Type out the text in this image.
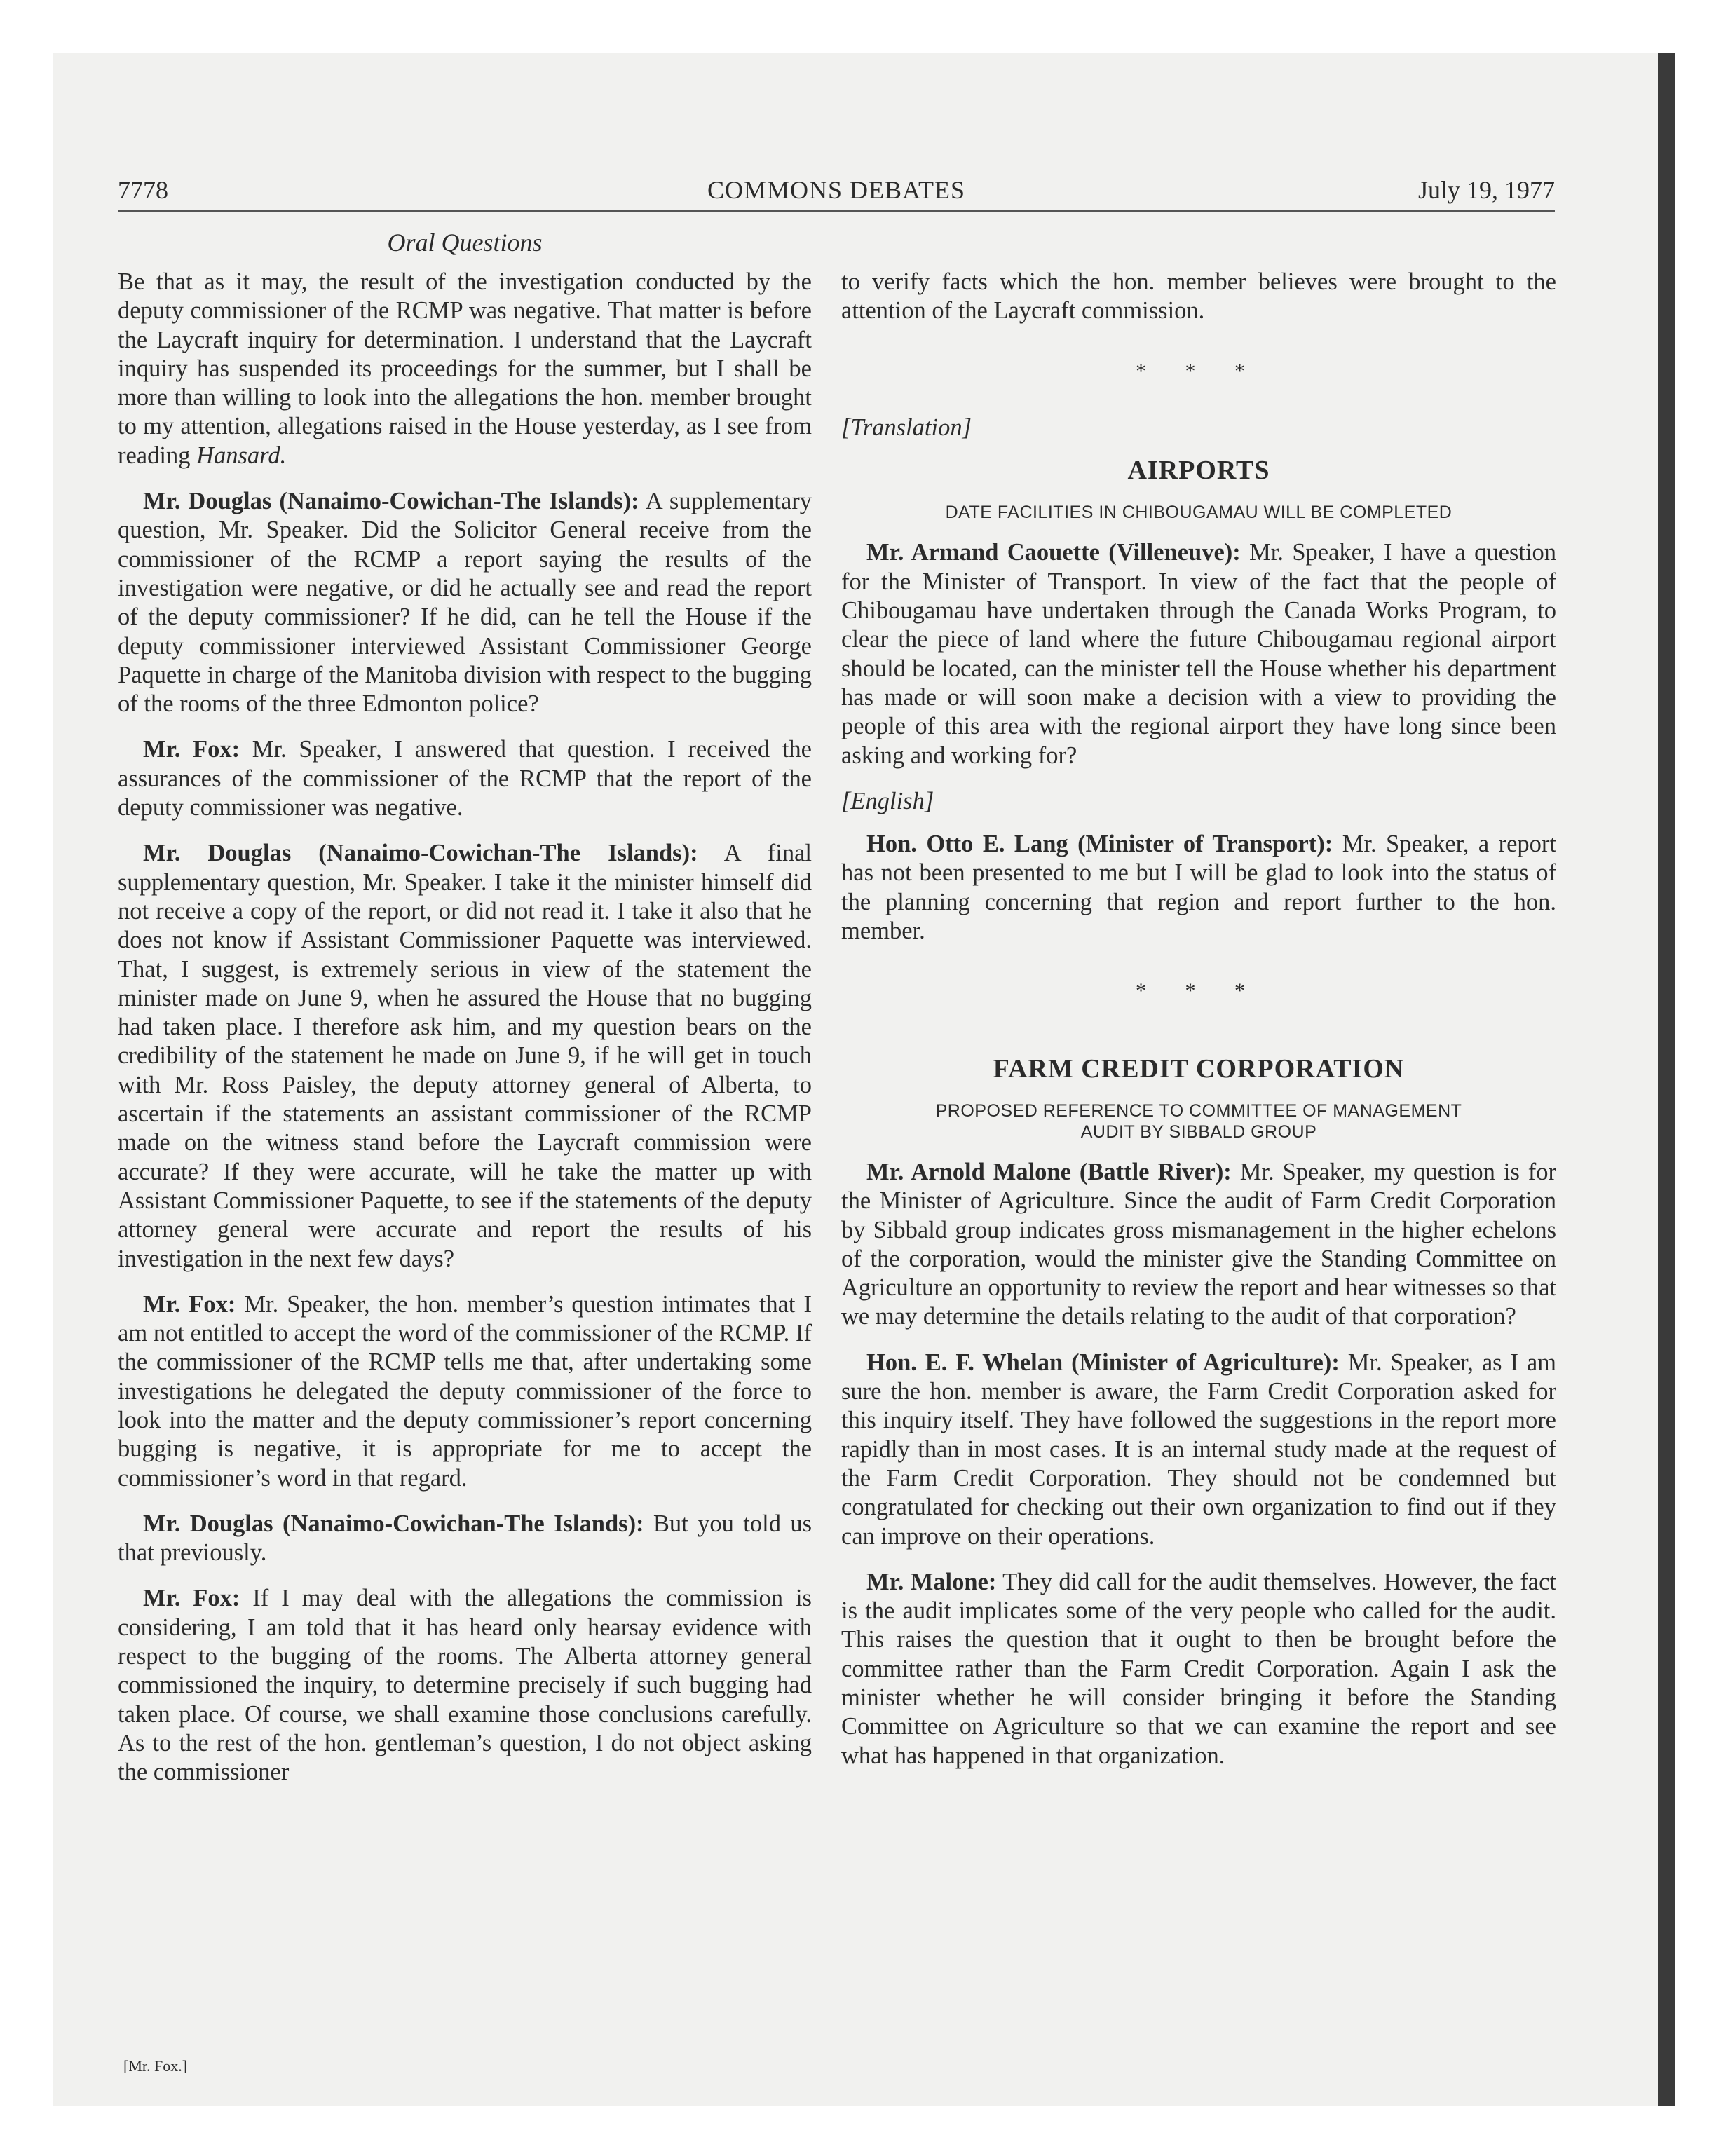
7778	COMMONS DEBATES	July 19, 1977
Oral Questions

Be that as it may, the result of the investigation conducted by the deputy commissioner of the RCMP was negative. That matter is before the Laycraft inquiry for determination. I understand that the Laycraft inquiry has suspended its proceedings for the summer, but I shall be more than willing to look into the allegations the hon. member brought to my attention, allegations raised in the House yesterday, as I see from reading Hansard.

Mr. Douglas (Nanaimo-Cowichan-The Islands): A supplementary question, Mr. Speaker. Did the Solicitor General receive from the commissioner of the RCMP a report saying the results of the investigation were negative, or did he actually see and read the report of the deputy commissioner? If he did, can he tell the House if the deputy commissioner interviewed Assistant Commissioner George Paquette in charge of the Manitoba division with respect to the bugging of the rooms of the three Edmonton police?

Mr. Fox: Mr. Speaker, I answered that question. I received the assurances of the commissioner of the RCMP that the report of the deputy commissioner was negative.

Mr. Douglas (Nanaimo-Cowichan-The Islands): A final supplementary question, Mr. Speaker. I take it the minister himself did not receive a copy of the report, or did not read it. I take it also that he does not know if Assistant Commissioner Paquette was interviewed. That, I suggest, is extremely serious in view of the statement the minister made on June 9, when he assured the House that no bugging had taken place. I therefore ask him, and my question bears on the credibility of the statement he made on June 9, if he will get in touch with Mr. Ross Paisley, the deputy attorney general of Alberta, to ascertain if the statements an assistant commissioner of the RCMP made on the witness stand before the Laycraft commission were accurate? If they were accurate, will he take the matter up with Assistant Commissioner Paquette, to see if the statements of the deputy attorney general were accurate and report the results of his investigation in the next few days?

Mr. Fox: Mr. Speaker, the hon. member’s question intimates that I am not entitled to accept the word of the commissioner of the RCMP. If the commissioner of the RCMP tells me that, after undertaking some investigations he delegated the deputy commissioner of the force to look into the matter and the deputy commissioner’s report concerning bugging is negative, it is appropriate for me to accept the commissioner’s word in that regard.

Mr. Douglas (Nanaimo-Cowichan-The Islands): But you told us that previously.

Mr. Fox: If I may deal with the allegations the commission is considering, I am told that it has heard only hearsay evidence with respect to the bugging of the rooms. The Alberta attorney general commissioned the inquiry, to determine precisely if such bugging had taken place. Of course, we shall examine those conclusions carefully. As to the rest of the hon. gentleman’s question, I do not object asking the commissioner

[Mr. Fox.]

to verify facts which the hon. member believes were brought to the attention of the Laycraft commission.

* * *
[Translation]
AIRPORTS
DATE FACILITIES IN CHIBOUGAMAU WILL BE COMPLETED

Mr. Armand Caouette (Villeneuve): Mr. Speaker, I have a question for the Minister of Transport. In view of the fact that the people of Chibougamau have undertaken through the Canada Works Program, to clear the piece of land where the future Chibougamau regional airport should be located, can the minister tell the House whether his department has made or will soon make a decision with a view to providing the people of this area with the regional airport they have long since been asking and working for?

[English]

Hon. Otto E. Lang (Minister of Transport): Mr. Speaker, a report has not been presented to me but I will be glad to look into the status of the planning concerning that region and report further to the hon. member.

* * *
FARM CREDIT CORPORATION
PROPOSED REFERENCE TO COMMITTEE OF MANAGEMENT
AUDIT BY SIBBALD GROUP

Mr. Arnold Malone (Battle River): Mr. Speaker, my question is for the Minister of Agriculture. Since the audit of Farm Credit Corporation by Sibbald group indicates gross mismanagement in the higher echelons of the corporation, would the minister give the Standing Committee on Agriculture an opportunity to review the report and hear witnesses so that we may determine the details relating to the audit of that corporation?

Hon. E. F. Whelan (Minister of Agriculture): Mr. Speaker, as I am sure the hon. member is aware, the Farm Credit Corporation asked for this inquiry itself. They have followed the suggestions in the report more rapidly than in most cases. It is an internal study made at the request of the Farm Credit Corporation. They should not be condemned but congratulated for checking out their own organization to find out if they can improve on their operations.

Mr. Malone: They did call for the audit themselves. However, the fact is the audit implicates some of the very people who called for the audit. This raises the question that it ought to then be brought before the committee rather than the Farm Credit Corporation. Again I ask the minister whether he will consider bringing it before the Standing Committee on Agriculture so that we can examine the report and see what has happened in that organization.
